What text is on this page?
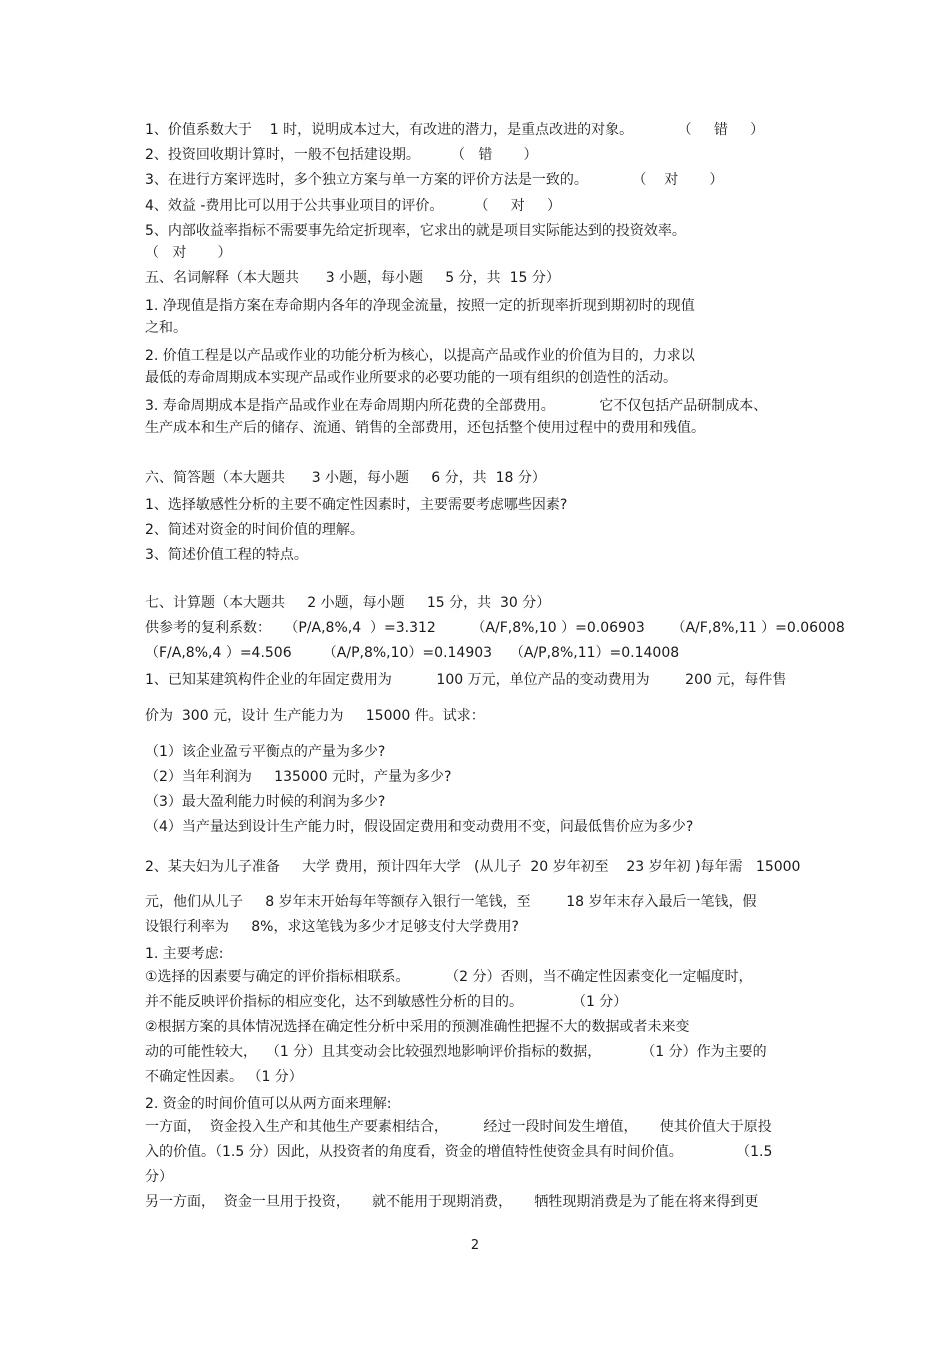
1、价值系数大于    1 时，说明成本过大，有改进的潜力，是重点改进的对象。          （     错     ）
2、投资回收期计算时，一般不包括建设期。       （   错       ）
3、在进行方案评选时，多个独立方案与单一方案的评价方法是一致的。          （    对       ）
4、效益 -费用比可以用于公共事业项目的评价。       （     对     ）
5、内部收益率指标不需要事先给定折现率，它求出的就是项目实际能达到的投资效率。
（   对       ）
五、名词解释（本大题共      3 小题，每小题     5 分，共  15 分）
1. 净现值是指方案在寿命期内各年的净现金流量，按照一定的折现率折现到期初时的现值
之和。
2. 价值工程是以产品或作业的功能分析为核心，以提高产品或作业的价值为目的，力求以
最低的寿命周期成本实现产品或作业所要求的必要功能的一项有组织的创造性的活动。
3. 寿命周期成本是指产品或作业在寿命周期内所花费的全部费用。          它不仅包括产品研制成本、
生产成本和生产后的储存、流通、销售的全部费用，还包括整个使用过程中的费用和残值。
六、简答题（本大题共      3 小题，每小题     6 分，共  18 分）
1、选择敏感性分析的主要不确定性因素时，主要需要考虑哪些因素?
2、简述对资金的时间价值的理解。
3、简述价值工程的特点。
七、计算题（本大题共     2 小题，每小题     15 分，共  30 分）
供参考的复利系数：   （P/A,8%,4  ）=3.312        （A/F,8%,10 ）=0.06903      （A/F,8%,11 ）=0.06008
（F/A,8%,4 ）=4.506       （A/P,8%,10）=0.14903    （A/P,8%,11）=0.14008
1、已知某建筑构件企业的年固定费用为          100 万元，单位产品的变动费用为        200 元，每件售
价为  300 元，设计 生产能力为     15000 件。试求：
（1）该企业盈亏平衡点的产量为多少?
（2）当年利润为     135000 元时，产量为多少?
（3）最大盈利能力时候的利润为多少?
（4）当产量达到设计生产能力时，假设固定费用和变动费用不变，问最低售价应为多少?
2、某夫妇为儿子准备     大学 费用，预计四年大学   (从儿子  20 岁年初至    23 岁年初 )每年需   15000
元，他们从儿子     8 岁年末开始每年等额存入银行一笔钱，至        18 岁年末存入最后一笔钱，假
设银行利率为     8%，求这笔钱为多少才足够支付大学费用?
1. 主要考虑:
①选择的因素要与确定的评价指标相联系。        （2 分）否则，当不确定性因素变化一定幅度时，
并不能反映评价指标的相应变化，达不到敏感性分析的目的。           （1 分）
②根据方案的具体情况选择在确定性分析中采用的预测准确性把握不大的数据或者未来变
动的可能性较大，  （1 分）且其变动会比较强烈地影响评价指标的数据，         （1 分）作为主要的
不确定性因素。 （1 分）
2. 资金的时间价值可以从两方面来理解:
一方面，  资金投入生产和其他生产要素相结合，        经过一段时间发生增值，     使其价值大于原投
入的价值。（1.5 分）因此，从投资者的角度看，资金的增值特性使资金具有时间价值。            （1.5
分）
另一方面，  资金一旦用于投资，     就不能用于现期消费，     牺牲现期消费是为了能在将来得到更
2
